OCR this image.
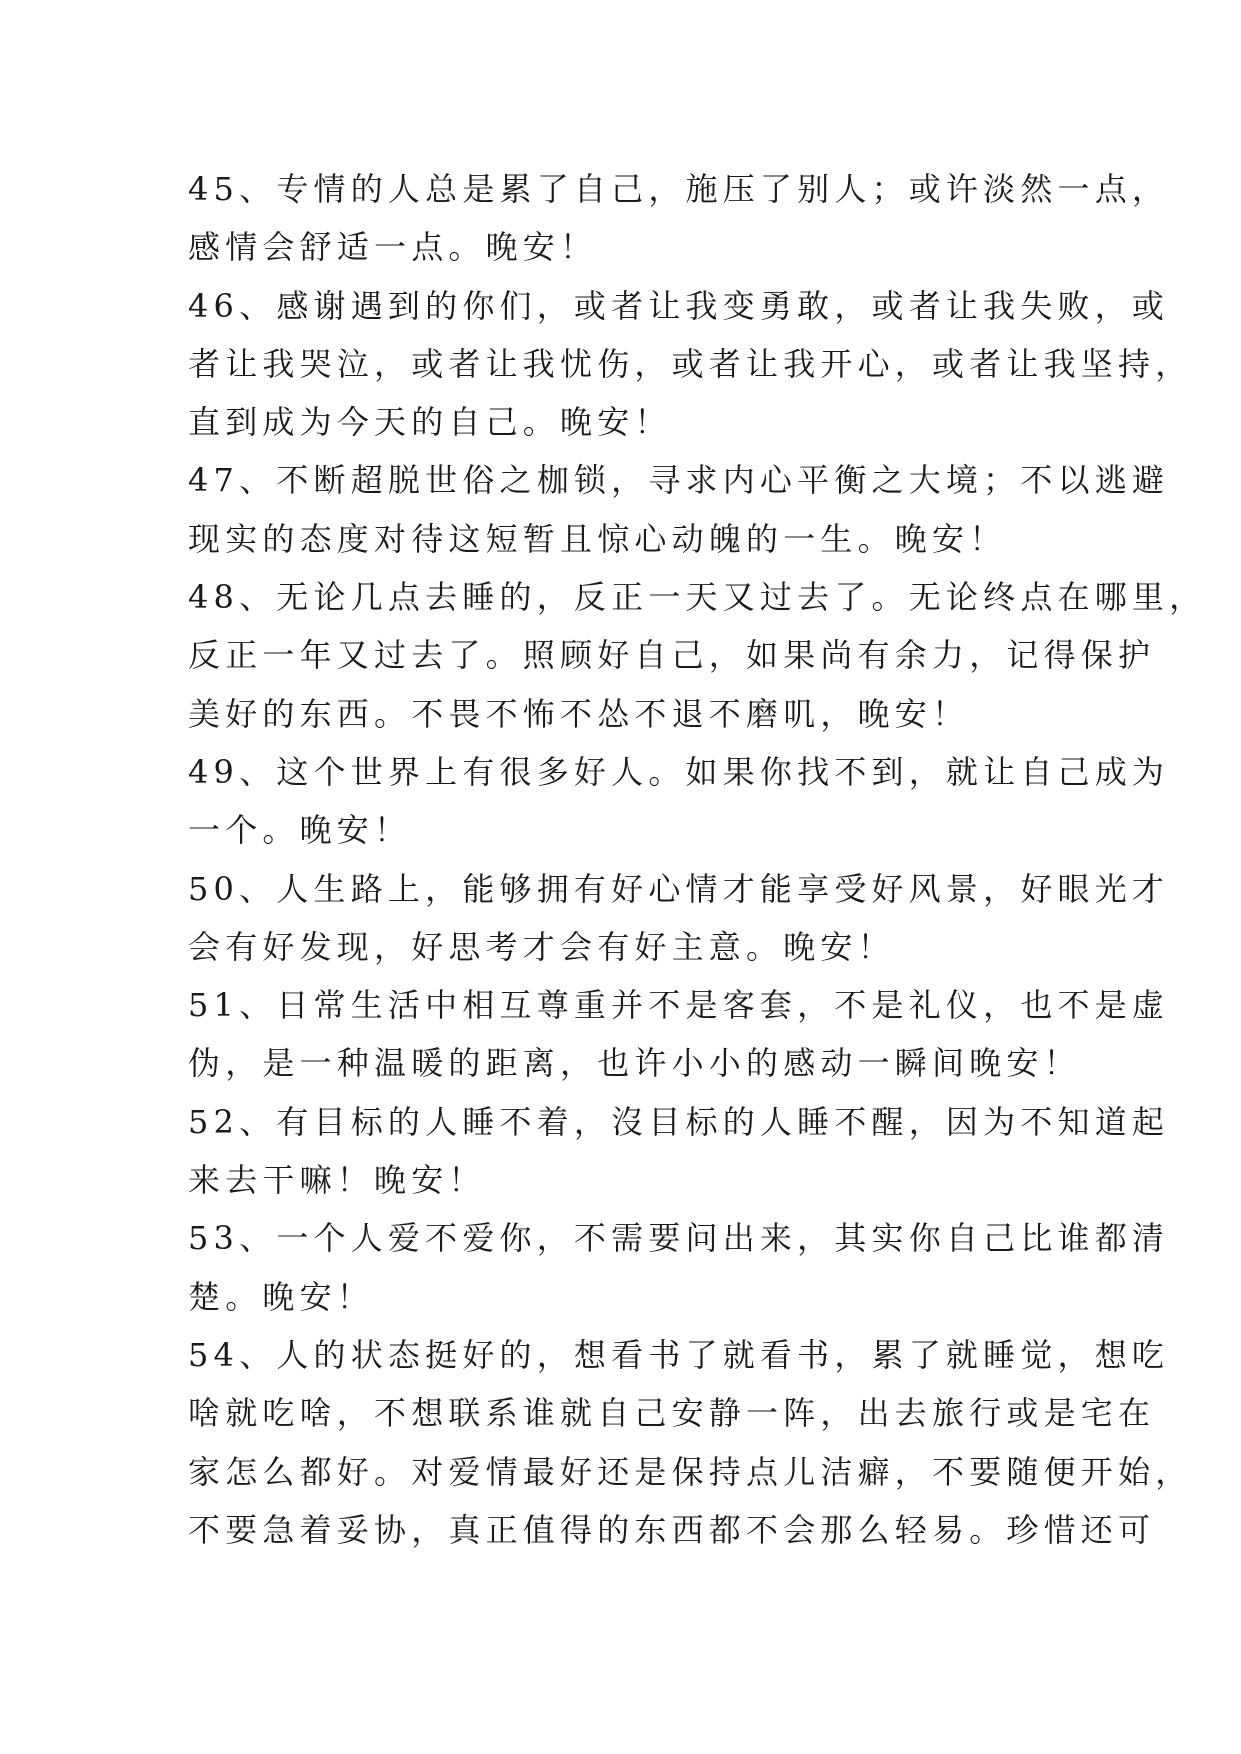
45、专情的人总是累了自己，施压了别人；或许淡然一点，
感情会舒适一点。晚安！
46、感谢遇到的你们，或者让我变勇敢，或者让我失败，或
者让我哭泣，或者让我忧伤，或者让我开心，或者让我坚持，
直到成为今天的自己。晚安！
47、不断超脱世俗之枷锁，寻求内心平衡之大境；不以逃避
现实的态度对待这短暂且惊心动魄的一生。晚安！
48、无论几点去睡的，反正一天又过去了。无论终点在哪里，
反正一年又过去了。照顾好自己，如果尚有余力，记得保护
美好的东西。不畏不怖不怂不退不磨叽，晚安！
49、这个世界上有很多好人。如果你找不到，就让自己成为
一个。晚安！
50、人生路上，能够拥有好心情才能享受好风景，好眼光才
会有好发现，好思考才会有好主意。晚安！
51、日常生活中相互尊重并不是客套，不是礼仪，也不是虚
伪，是一种温暖的距离，也许小小的感动一瞬间晚安！
52、有目标的人睡不着，沒目标的人睡不醒，因为不知道起
来去干嘛！晚安！
53、一个人爱不爱你，不需要问出来，其实你自己比谁都清
楚。晚安！
54、人的状态挺好的，想看书了就看书，累了就睡觉，想吃
啥就吃啥，不想联系谁就自己安静一阵，出去旅行或是宅在
家怎么都好。对爱情最好还是保持点儿洁癖，不要随便开始，
不要急着妥协，真正值得的东西都不会那么轻易。珍惜还可
